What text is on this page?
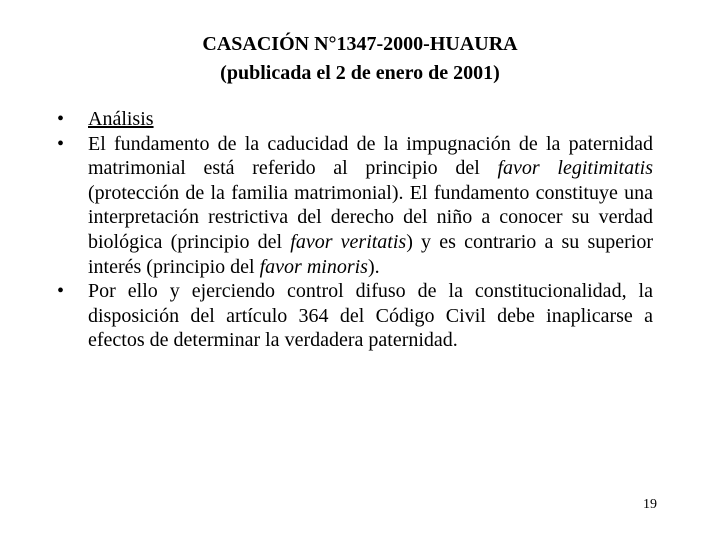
CASACIÓN N°1347-2000-HUAURA
(publicada el 2 de enero de 2001)
•	Análisis
•	El fundamento de la caducidad de la impugnación de la paternidad matrimonial está referido al principio del favor legitimitatis (protección de la familia matrimonial). El fundamento constituye una interpretación restrictiva del derecho del niño a conocer su verdad biológica (principio del favor veritatis) y es contrario a su superior interés (principio del favor minoris).
•	Por ello y ejerciendo control difuso de la constitucionalidad, la disposición del artículo 364 del Código Civil debe inaplicarse a efectos de determinar la verdadera paternidad.
19
